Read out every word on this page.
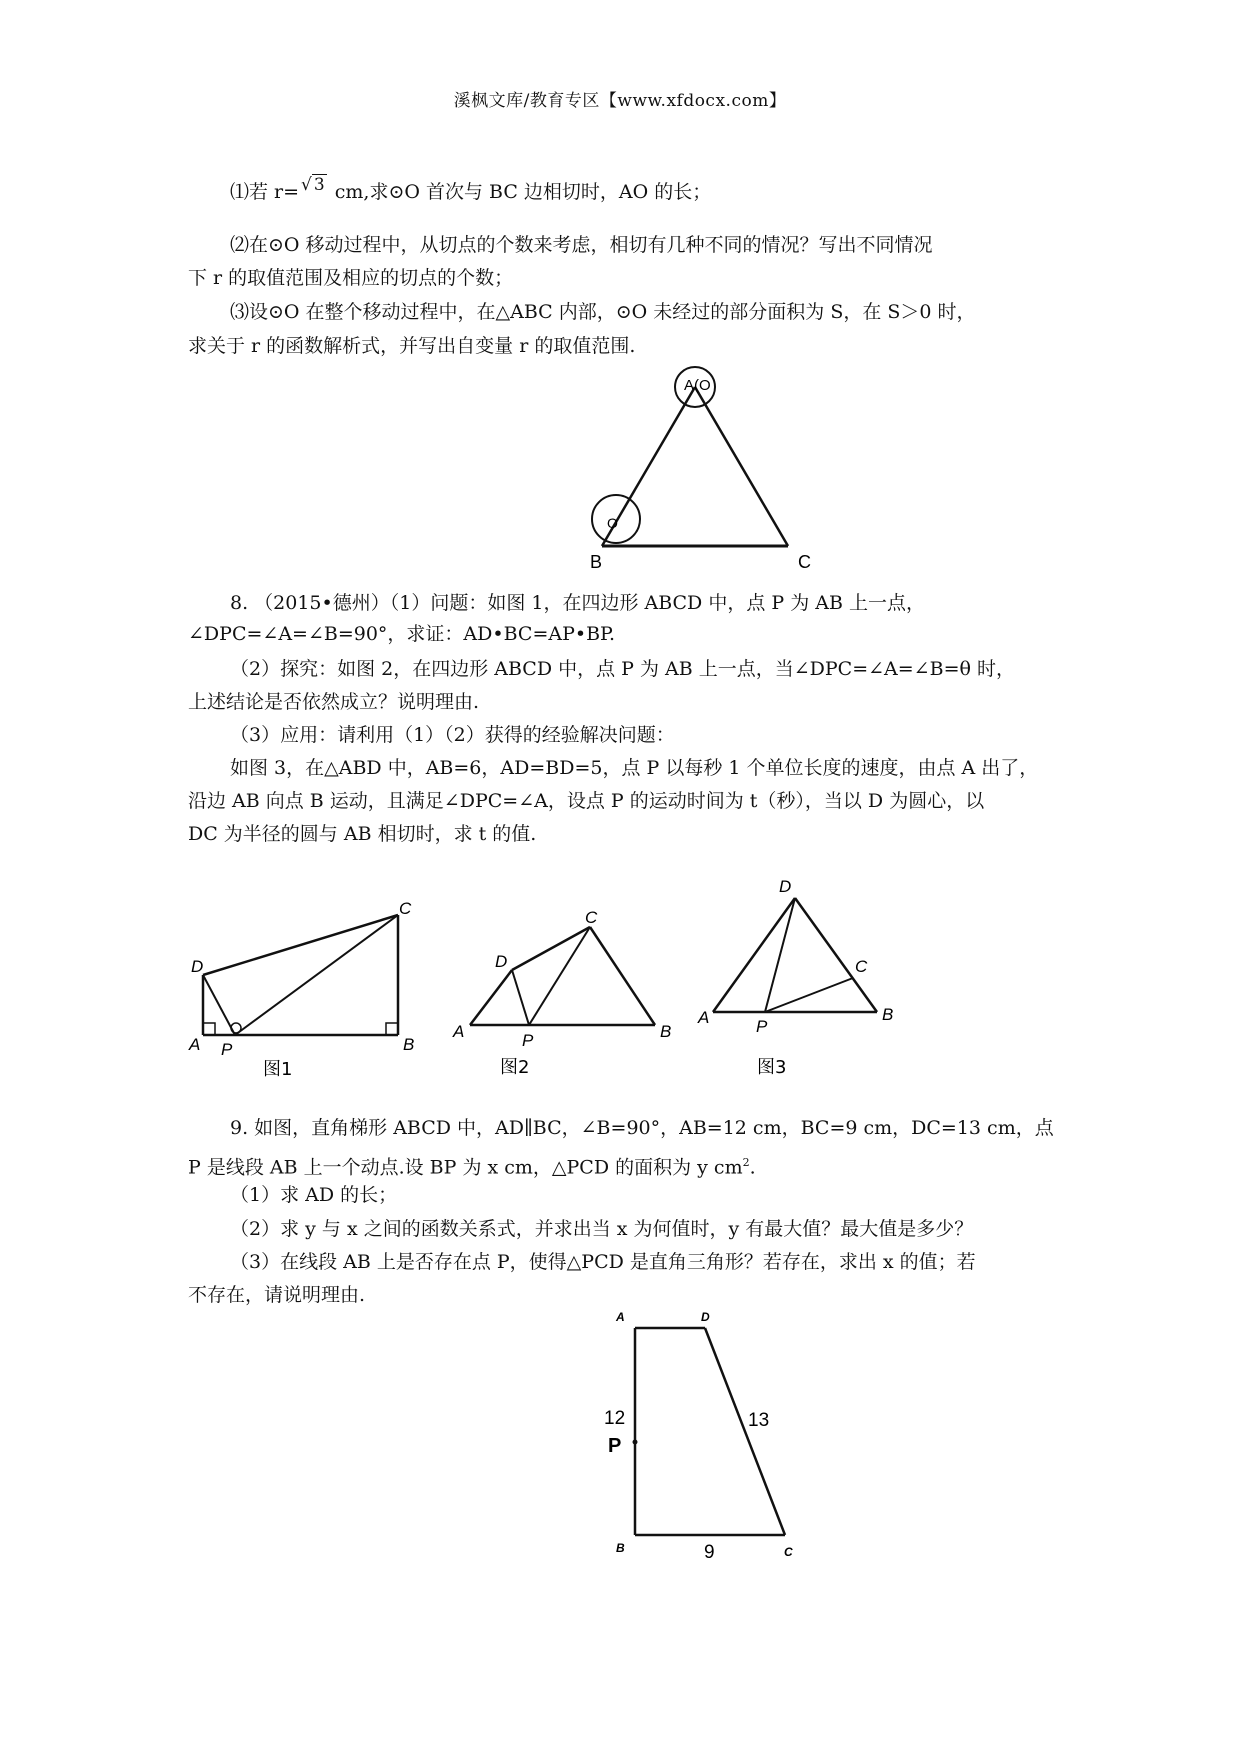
溪枫文库/教育专区【www.xfdocx.com】
⑴若 r= √ 3 cm,求⊙O 首次与 BC 边相切时，AO 的长；
⑵在⊙O 移动过程中，从切点的个数来考虑，相切有几种不同的情况？写出不同情况
下 r 的取值范围及相应的切点的个数；
⑶设⊙O 在整个移动过程中，在△ABC 内部，⊙O 未经过的部分面积为 S，在 S＞0 时，
求关于 r 的函数解析式，并写出自变量 r 的取值范围.
A(O
O
B	C
8. （2015•德州）（1）问题：如图 1，在四边形 ABCD 中，点 P 为 AB 上一点，
∠DPC=∠A=∠B=90°，求证：AD•BC=AP•BP.
（2）探究：如图 2，在四边形 ABCD 中，点 P 为 AB 上一点，当∠DPC=∠A=∠B=θ 时，
上述结论是否依然成立？说明理由.
（3）应用：请利用（1）（2）获得的经验解决问题：
如图 3，在△ABD 中，AB=6，AD=BD=5，点 P 以每秒 1 个单位长度的速度，由点 A 出了，
沿边 AB 向点 B 运动，且满足∠DPC=∠A，设点 P 的运动时间为 t（秒），当以 D 为圆心，以
DC 为半径的圆与 AB 相切时，求 t 的值.
A P	B
C
D
图1
A	P	B
C
D
图2
A	P
B
C
D
图3
9. 如图，直角梯形 ABCD 中，AD∥BC，∠B=90°，AB=12 cm，BC=9 cm，DC=13 cm，点
P 是线段 AB 上一个动点.设 BP 为 x cm，△PCD 的面积为 y $cm^2$.
（1）求 AD 的长；
（2）求 y 与 x 之间的函数关系式，并求出当 x 为何值时，y 有最大值？最大值是多少？
（3）在线段 AB 上是否存在点 P，使得△PCD 是直角三角形？若存在，求出 x 的值；若
不存在，请说明理由.
A	D
B	C
P
12	13
9
